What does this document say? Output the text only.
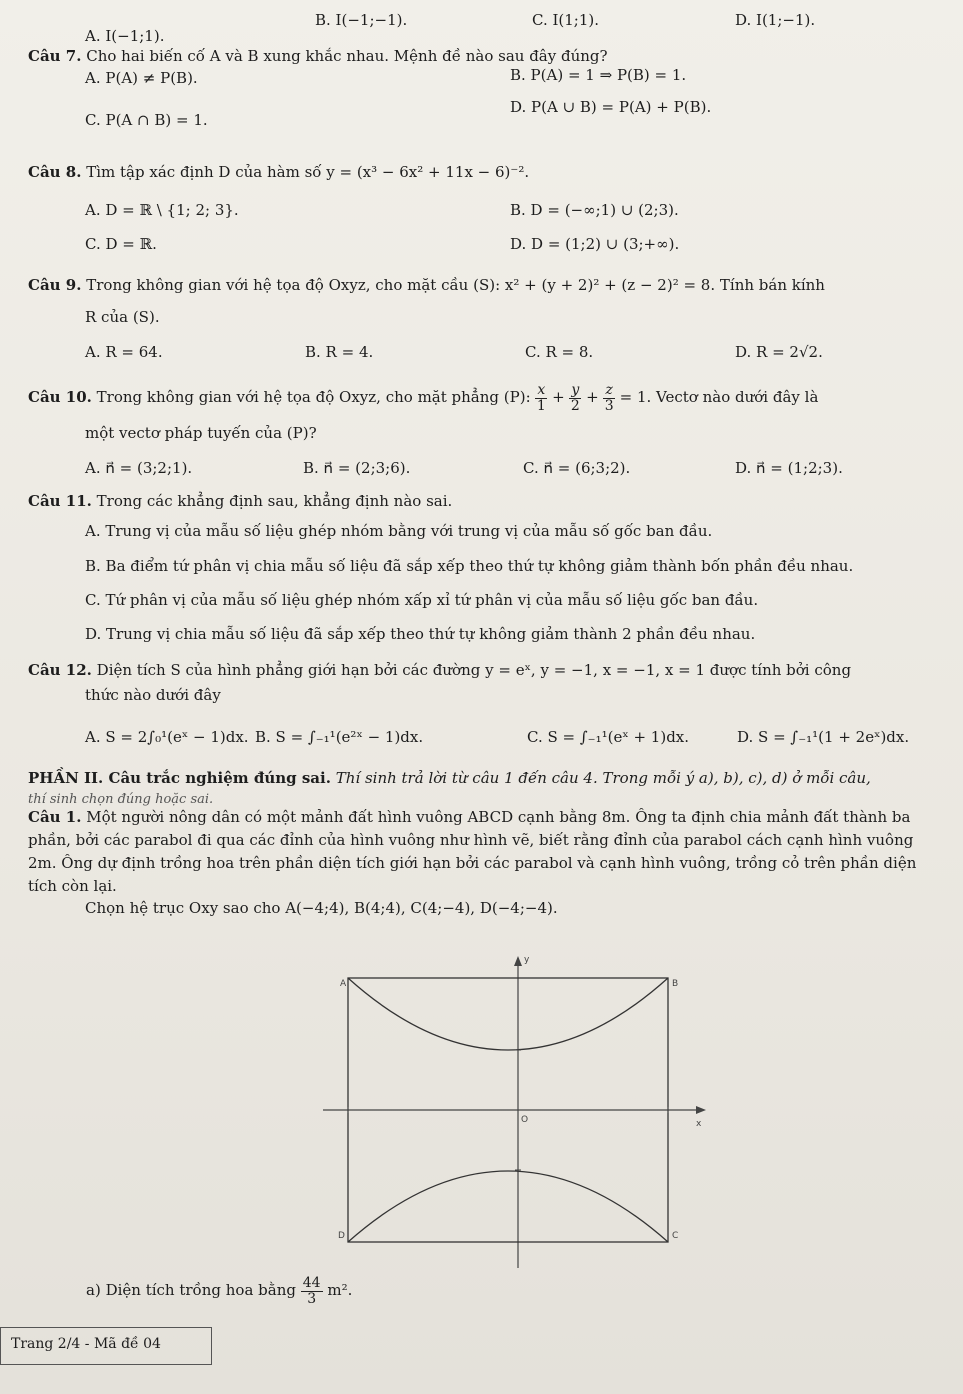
A. I(−1;1).
B. I(−1;−1).	C. I(1;1).	D. I(1;−1).
Câu 7. Cho hai biến cố A và B xung khắc nhau. Mệnh đề nào sau đây đúng?
A. P(A) ≠ P(B).	B. P(A) = 1 ⇒ P(B) = 1.
C. P(A ∩ B) = 1.
D. P(A ∪ B) = P(A) + P(B).
Câu 8. Tìm tập xác định D của hàm số y = (x³ − 6x² + 11x − 6)⁻².
A. D = ℝ \ {1; 2; 3}.	B. D = (−∞;1) ∪ (2;3).
C. D = ℝ.	D. D = (1;2) ∪ (3;+∞).
Câu 9. Trong không gian với hệ tọa độ Oxyz, cho mặt cầu (S): x² + (y + 2)² + (z − 2)² = 8. Tính bán kính
R của (S).
A. R = 64.	B. R = 4.	C. R = 8.	D. R = 2√2.
Câu 10. Trong không gian với hệ tọa độ Oxyz, cho mặt phẳng (P): $\frac{x}{1} + \frac{y}{2} + \frac{z}{3} = 1$. Vectơ nào dưới đây là
một vectơ pháp tuyến của (P)?
A. n⃗ = (3;2;1).	B. n⃗ = (2;3;6).	C. n⃗ = (6;3;2).	D. n⃗ = (1;2;3).
Câu 11. Trong các khẳng định sau, khẳng định nào sai.
A. Trung vị của mẫu số liệu ghép nhóm bằng với trung vị của mẫu số gốc ban đầu.
B. Ba điểm tứ phân vị chia mẫu số liệu đã sắp xếp theo thứ tự không giảm thành bốn phần đều nhau.
C. Tứ phân vị của mẫu số liệu ghép nhóm xấp xỉ tứ phân vị của mẫu số liệu gốc ban đầu.
D. Trung vị chia mẫu số liệu đã sắp xếp theo thứ tự không giảm thành 2 phần đều nhau.
Câu 12. Diện tích S của hình phẳng giới hạn bởi các đường y = eˣ, y = −1, x = −1, x = 1 được tính bởi công
thức nào dưới đây
A. S = 2∫₀¹(eˣ − 1)dx. B. S = ∫₋₁¹(e²ˣ − 1)dx.	C. S = ∫₋₁¹(eˣ + 1)dx.	D. S = ∫₋₁¹(1 + 2eˣ)dx.
PHẦN II. Câu trắc nghiệm đúng sai. Thí sinh trả lời từ câu 1 đến câu 4. Trong mỗi ý a), b), c), d) ở mỗi câu,
thí sinh chọn đúng hoặc sai.
Câu 1. Một người nông dân có một mảnh đất hình vuông ABCD cạnh bằng 8m. Ông ta định chia mảnh đất thành ba phần, bởi các parabol đi qua các đỉnh của hình vuông như hình vẽ, biết rằng đỉnh của parabol cách cạnh hình vuông 2m. Ông dự định trồng hoa trên phần diện tích giới hạn bởi các parabol và cạnh hình vuông, trồng cỏ trên phần diện tích còn lại.
Chọn hệ trục Oxy sao cho A(−4;4), B(4;4), C(4;−4), D(−4;−4).
y
x
O
A	B
C
D
a) Diện tích trồng hoa bằng $\frac{44}{3} m^2$.
Trang 2/4 - Mã đề 04
